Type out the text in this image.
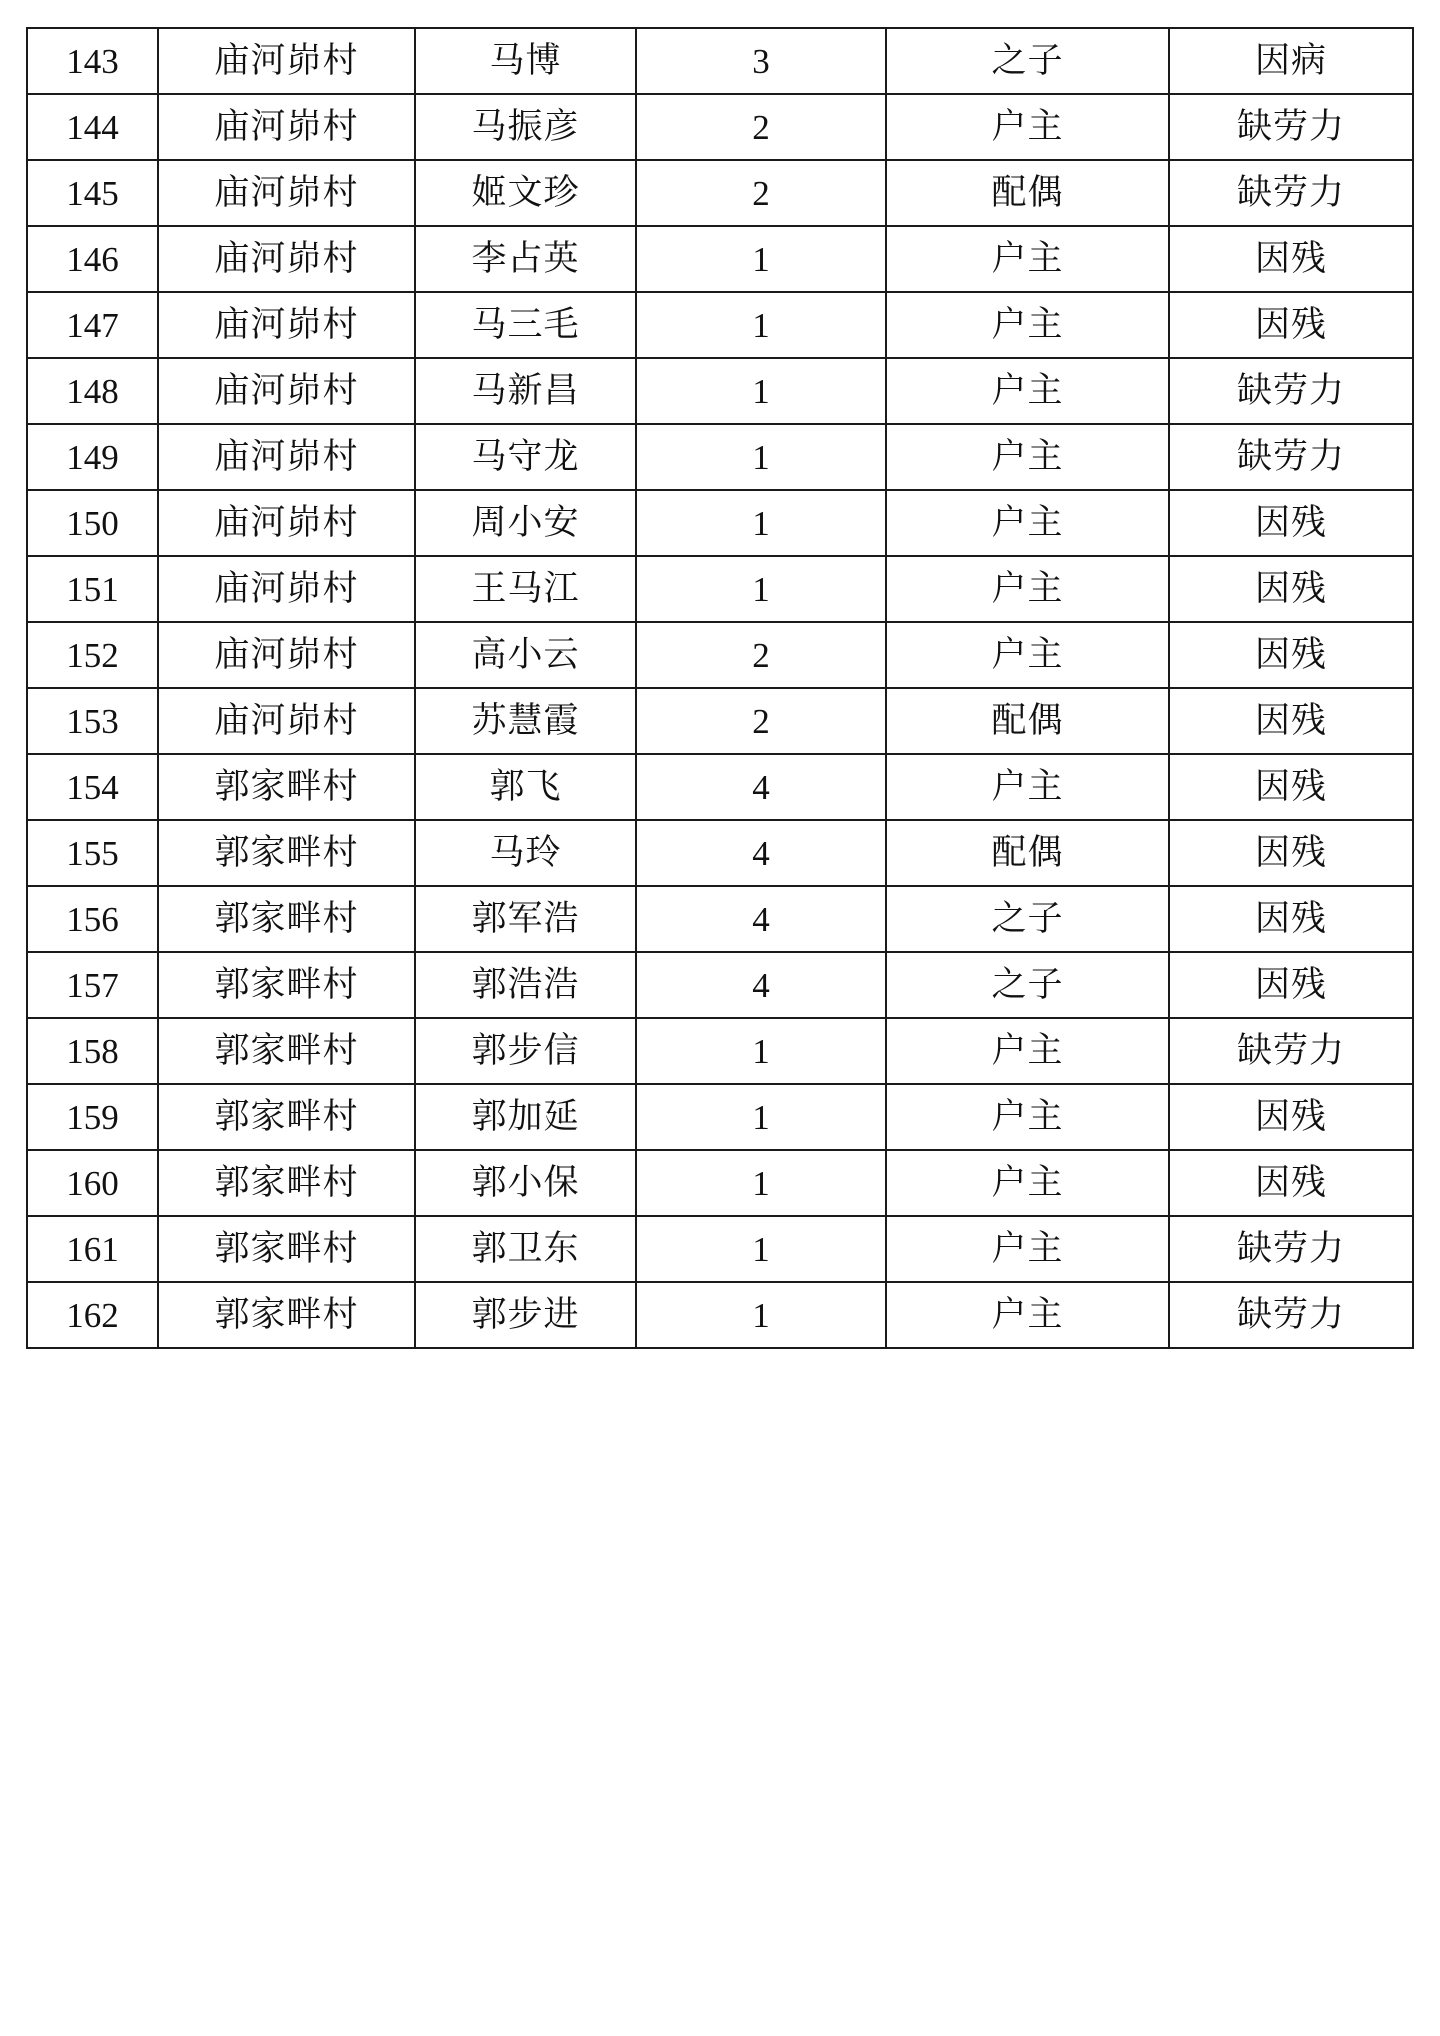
143	庙河峁村	马博	3	之子	因病
144	庙河峁村	马振彦	2	户主	缺劳力
145	庙河峁村	姬文珍	2	配偶	缺劳力
146	庙河峁村	李占英	1	户主	因残
147	庙河峁村	马三毛	1	户主	因残
148	庙河峁村	马新昌	1	户主	缺劳力
149	庙河峁村	马守龙	1	户主	缺劳力
150	庙河峁村	周小安	1	户主	因残
151	庙河峁村	王马江	1	户主	因残
152	庙河峁村	高小云	2	户主	因残
153	庙河峁村	苏慧霞	2	配偶	因残
154	郭家畔村	郭飞	4	户主	因残
155	郭家畔村	马玲	4	配偶	因残
156	郭家畔村	郭军浩	4	之子	因残
157	郭家畔村	郭浩浩	4	之子	因残
158	郭家畔村	郭步信	1	户主	缺劳力
159	郭家畔村	郭加延	1	户主	因残
160	郭家畔村	郭小保	1	户主	因残
161	郭家畔村	郭卫东	1	户主	缺劳力
162	郭家畔村	郭步进	1	户主	缺劳力
